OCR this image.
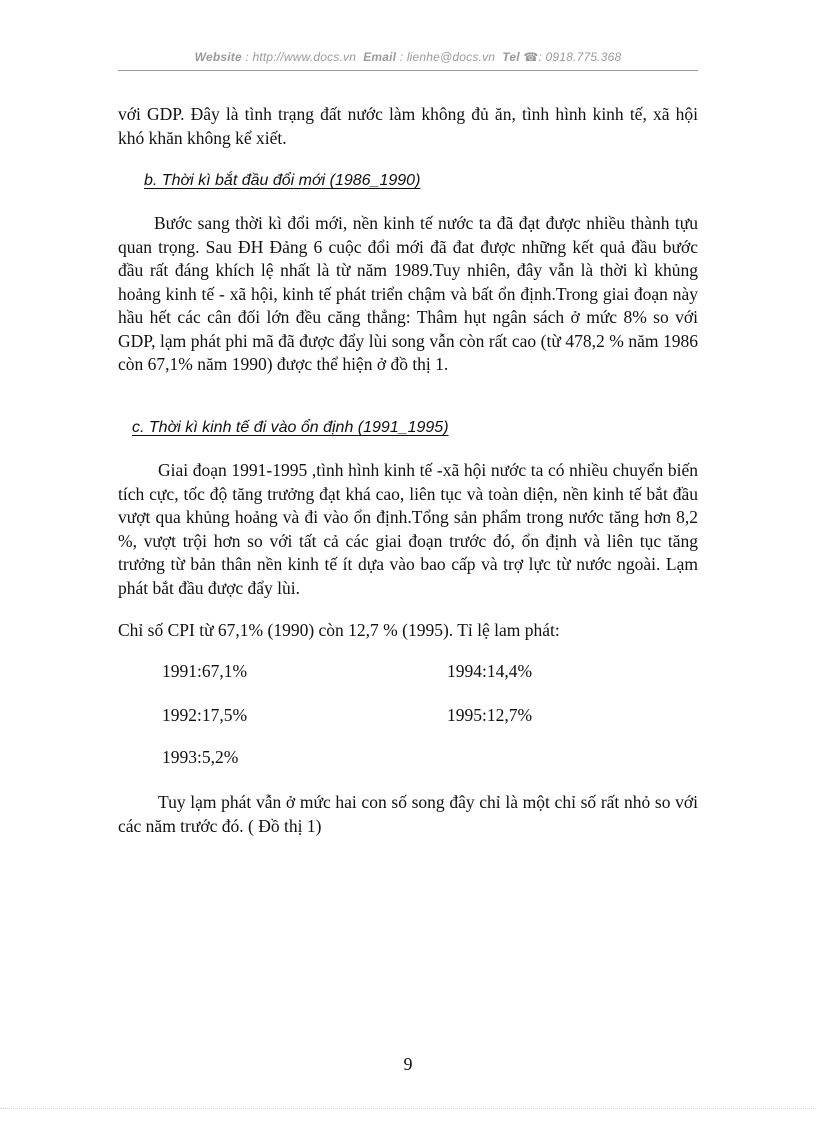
Website : http://www.docs.vn Email : lienhe@docs.vn Tel ☎: 0918.775.368
với GDP. Đây là tình trạng đất nước làm không đủ ăn, tình hình kinh tế, xã hội khó khăn không kể xiết.
b. Thời kì bắt đầu đổi mới (1986_1990)
Bước sang thời kì đổi mới, nền kinh tế nước ta đã đạt được nhiều thành tựu quan trọng. Sau ĐH Đảng 6 cuộc đổi mới đã đat được những kết quả đầu bước đầu rất đáng khích lệ nhất là từ năm 1989.Tuy nhiên, đây vẫn là thời kì khủng hoảng kinh tế - xã hội, kinh tế phát triển chậm và bất ổn định.Trong giai đoạn này hầu hết các cân đối lớn đều căng thẳng: Thâm hụt ngân sách ở mức 8% so với GDP, lạm phát phi mã đã được đẩy lùi song vẫn còn rất cao (từ 478,2 % năm 1986 còn 67,1% năm 1990) được thể hiện ở đồ thị 1.
c. Thời kì kinh tế đi vào ổn định (1991_1995)
Giai đoạn 1991-1995 ,tình hình kinh tế -xã hội nước ta có nhiều chuyển biến tích cực, tốc độ tăng trưởng đạt khá cao, liên tục và toàn diện, nền kinh tế bắt đầu vượt qua khủng hoảng và đi vào ổn định.Tổng sản phẩm trong nước tăng hơn 8,2 %, vượt trội hơn so với tất cả các giai đoạn trước đó, ổn định và liên tục tăng trưởng từ bản thân nền kinh tế ít dựa vào bao cấp và trợ lực từ nước ngoài. Lạm phát bắt đầu được đẩy lùi.
Chỉ số CPI từ 67,1% (1990) còn 12,7 % (1995). Tỉ lệ lam phát:
1991:67,1%	1994:14,4%
1992:17,5%	1995:12,7%
1993:5,2%
Tuy lạm phát vẫn ở mức hai con số song đây chỉ là một chỉ số rất nhỏ so với các năm trước đó. ( Đồ thị 1)
9
